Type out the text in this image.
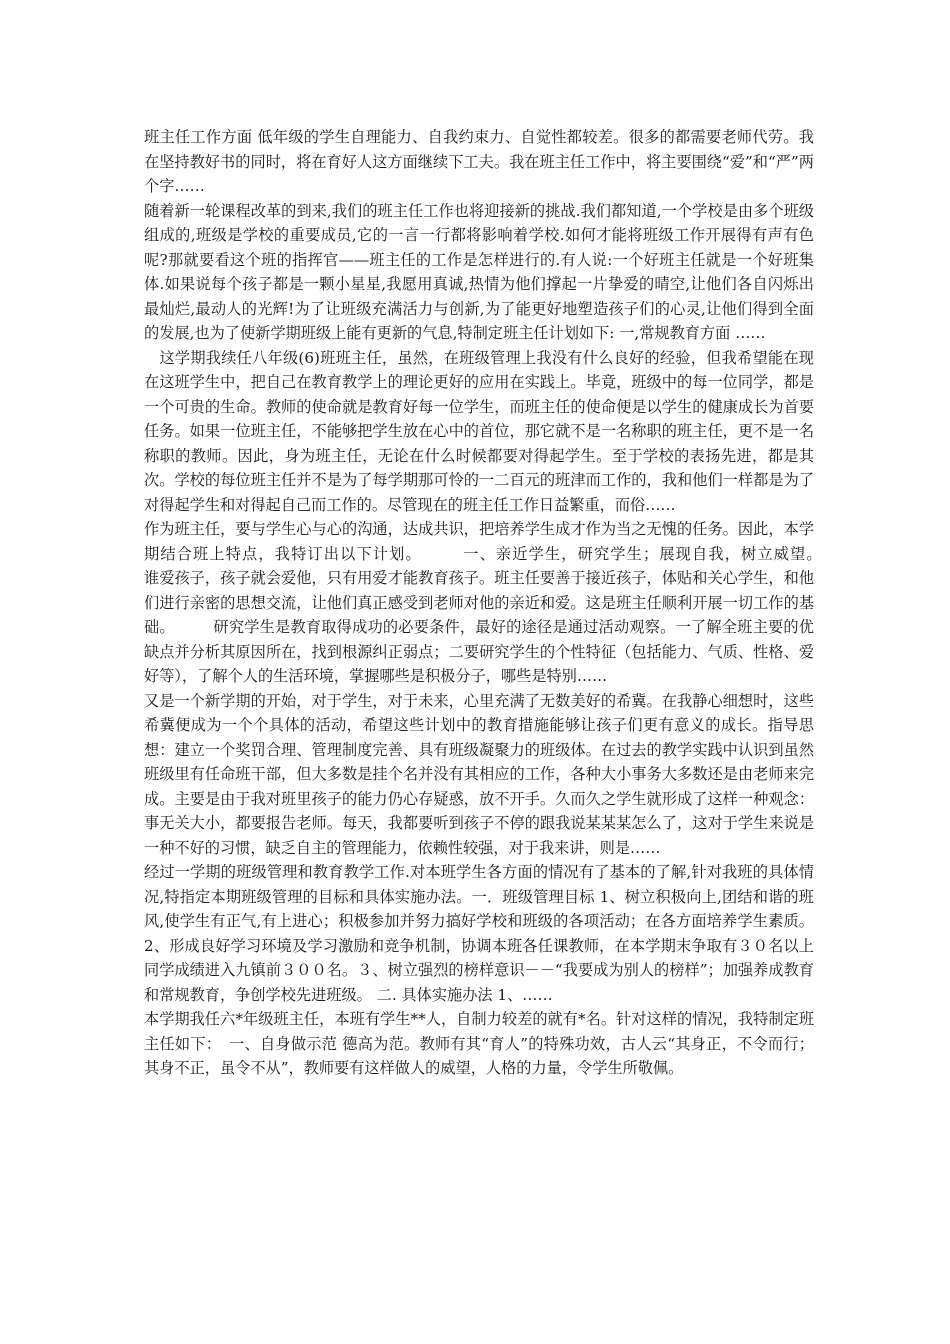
班主任工作方面 低年级的学生自理能力、自我约束力、自觉性都较差。很多的都需要老师代劳。我在坚持教好书的同时，将在育好人这方面继续下工夫。我在班主任工作中，将主要围绕“爱”和“严”两个字……

随着新一轮课程改革的到来,我们的班主任工作也将迎接新的挑战.我们都知道,一个学校是由多个班级组成的,班级是学校的重要成员,它的一言一行都将影响着学校.如何才能将班级工作开展得有声有色呢?那就要看这个班的指挥官——班主任的工作是怎样进行的.有人说:一个好班主任就是一个好班集体.如果说每个孩子都是一颗小星星,我愿用真诚,热情为他们撑起一片挚爱的晴空,让他们各自闪烁出最灿烂,最动人的光辉!为了让班级充满活力与创新,为了能更好地塑造孩子们的心灵,让他们得到全面的发展,也为了使新学期班级上能有更新的气息,特制定班主任计划如下: 一,常规教育方面 ……

　这学期我续任八年级(6)班班主任，虽然，在班级管理上我没有什么良好的经验，但我希望能在现在这班学生中，把自己在教育教学上的理论更好的应用在实践上。毕竟，班级中的每一位同学，都是一个可贵的生命。教师的使命就是教育好每一位学生，而班主任的使命便是以学生的健康成长为首要任务。如果一位班主任，不能够把学生放在心中的首位，那它就不是一名称职的班主任，更不是一名称职的教师。因此，身为班主任，无论在什么时候都要对得起学生。至于学校的表扬先进，都是其次。学校的每位班主任并不是为了每学期那可怜的一二百元的班津而工作的，我和他们一样都是为了对得起学生和对得起自己而工作的。尽管现在的班主任工作日益繁重，而俗……

作为班主任，要与学生心与心的沟通，达成共识，把培养学生成才作为当之无愧的任务。因此，本学期结合班上特点，我特订出以下计划。　　　一、亲近学生，研究学生；展现自我，树立威望。　　　谁爱孩子，孩子就会爱他，只有用爱才能教育孩子。班主任要善于接近孩子，体贴和关心学生，和他们进行亲密的思想交流，让他们真正感受到老师对他的亲近和爱。这是班主任顺利开展一切工作的基础。　　　研究学生是教育取得成功的必要条件，最好的途径是通过活动观察。一了解全班主要的优缺点并分析其原因所在，找到根源纠正弱点；二要研究学生的个性特征（包括能力、气质、性格、爱好等），了解个人的生活环境，掌握哪些是积极分子，哪些是特别……

又是一个新学期的开始，对于学生，对于未来，心里充满了无数美好的希冀。在我静心细想时，这些希冀便成为一个个具体的活动，希望这些计划中的教育措施能够让孩子们更有意义的成长。指导思想：建立一个奖罚合理、管理制度完善、具有班级凝聚力的班级体。在过去的教学实践中认识到虽然班级里有任命班干部，但大多数是挂个名并没有其相应的工作，各种大小事务大多数还是由老师来完成。主要是由于我对班里孩子的能力仍心存疑惑，放不开手。久而久之学生就形成了这样一种观念：事无关大小，都要报告老师。每天，我都要听到孩子不停的跟我说某某某怎么了，这对于学生来说是一种不好的习惯，缺乏自主的管理能力，依赖性较强，对于我来讲，则是……

经过一学期的班级管理和教育教学工作.对本班学生各方面的情况有了基本的了解,针对我班的具体情况,特指定本期班级管理的目标和具体实施办法。一．班级管理目标 1、树立积极向上,团结和谐的班风,使学生有正气,有上进心；积极参加并努力搞好学校和班级的各项活动；在各方面培养学生素质。2、形成良好学习环境及学习激励和竞争机制，协调本班各任课教师，在本学期末争取有３０名以上同学成绩进入九镇前３００名。３、树立强烈的榜样意识－－“我要成为别人的榜样”；加强养成教育和常规教育，争创学校先进班级。 二. 具体实施办法 1、……

本学期我任六*年级班主任，本班有学生**人，自制力较差的就有*名。针对这样的情况，我特制定班主任如下：　一、自身做示范 德高为范。教师有其“育人”的特殊功效，古人云“其身正，不令而行；其身不正，虽令不从”，教师要有这样做人的威望，人格的力量，令学生所敬佩。
